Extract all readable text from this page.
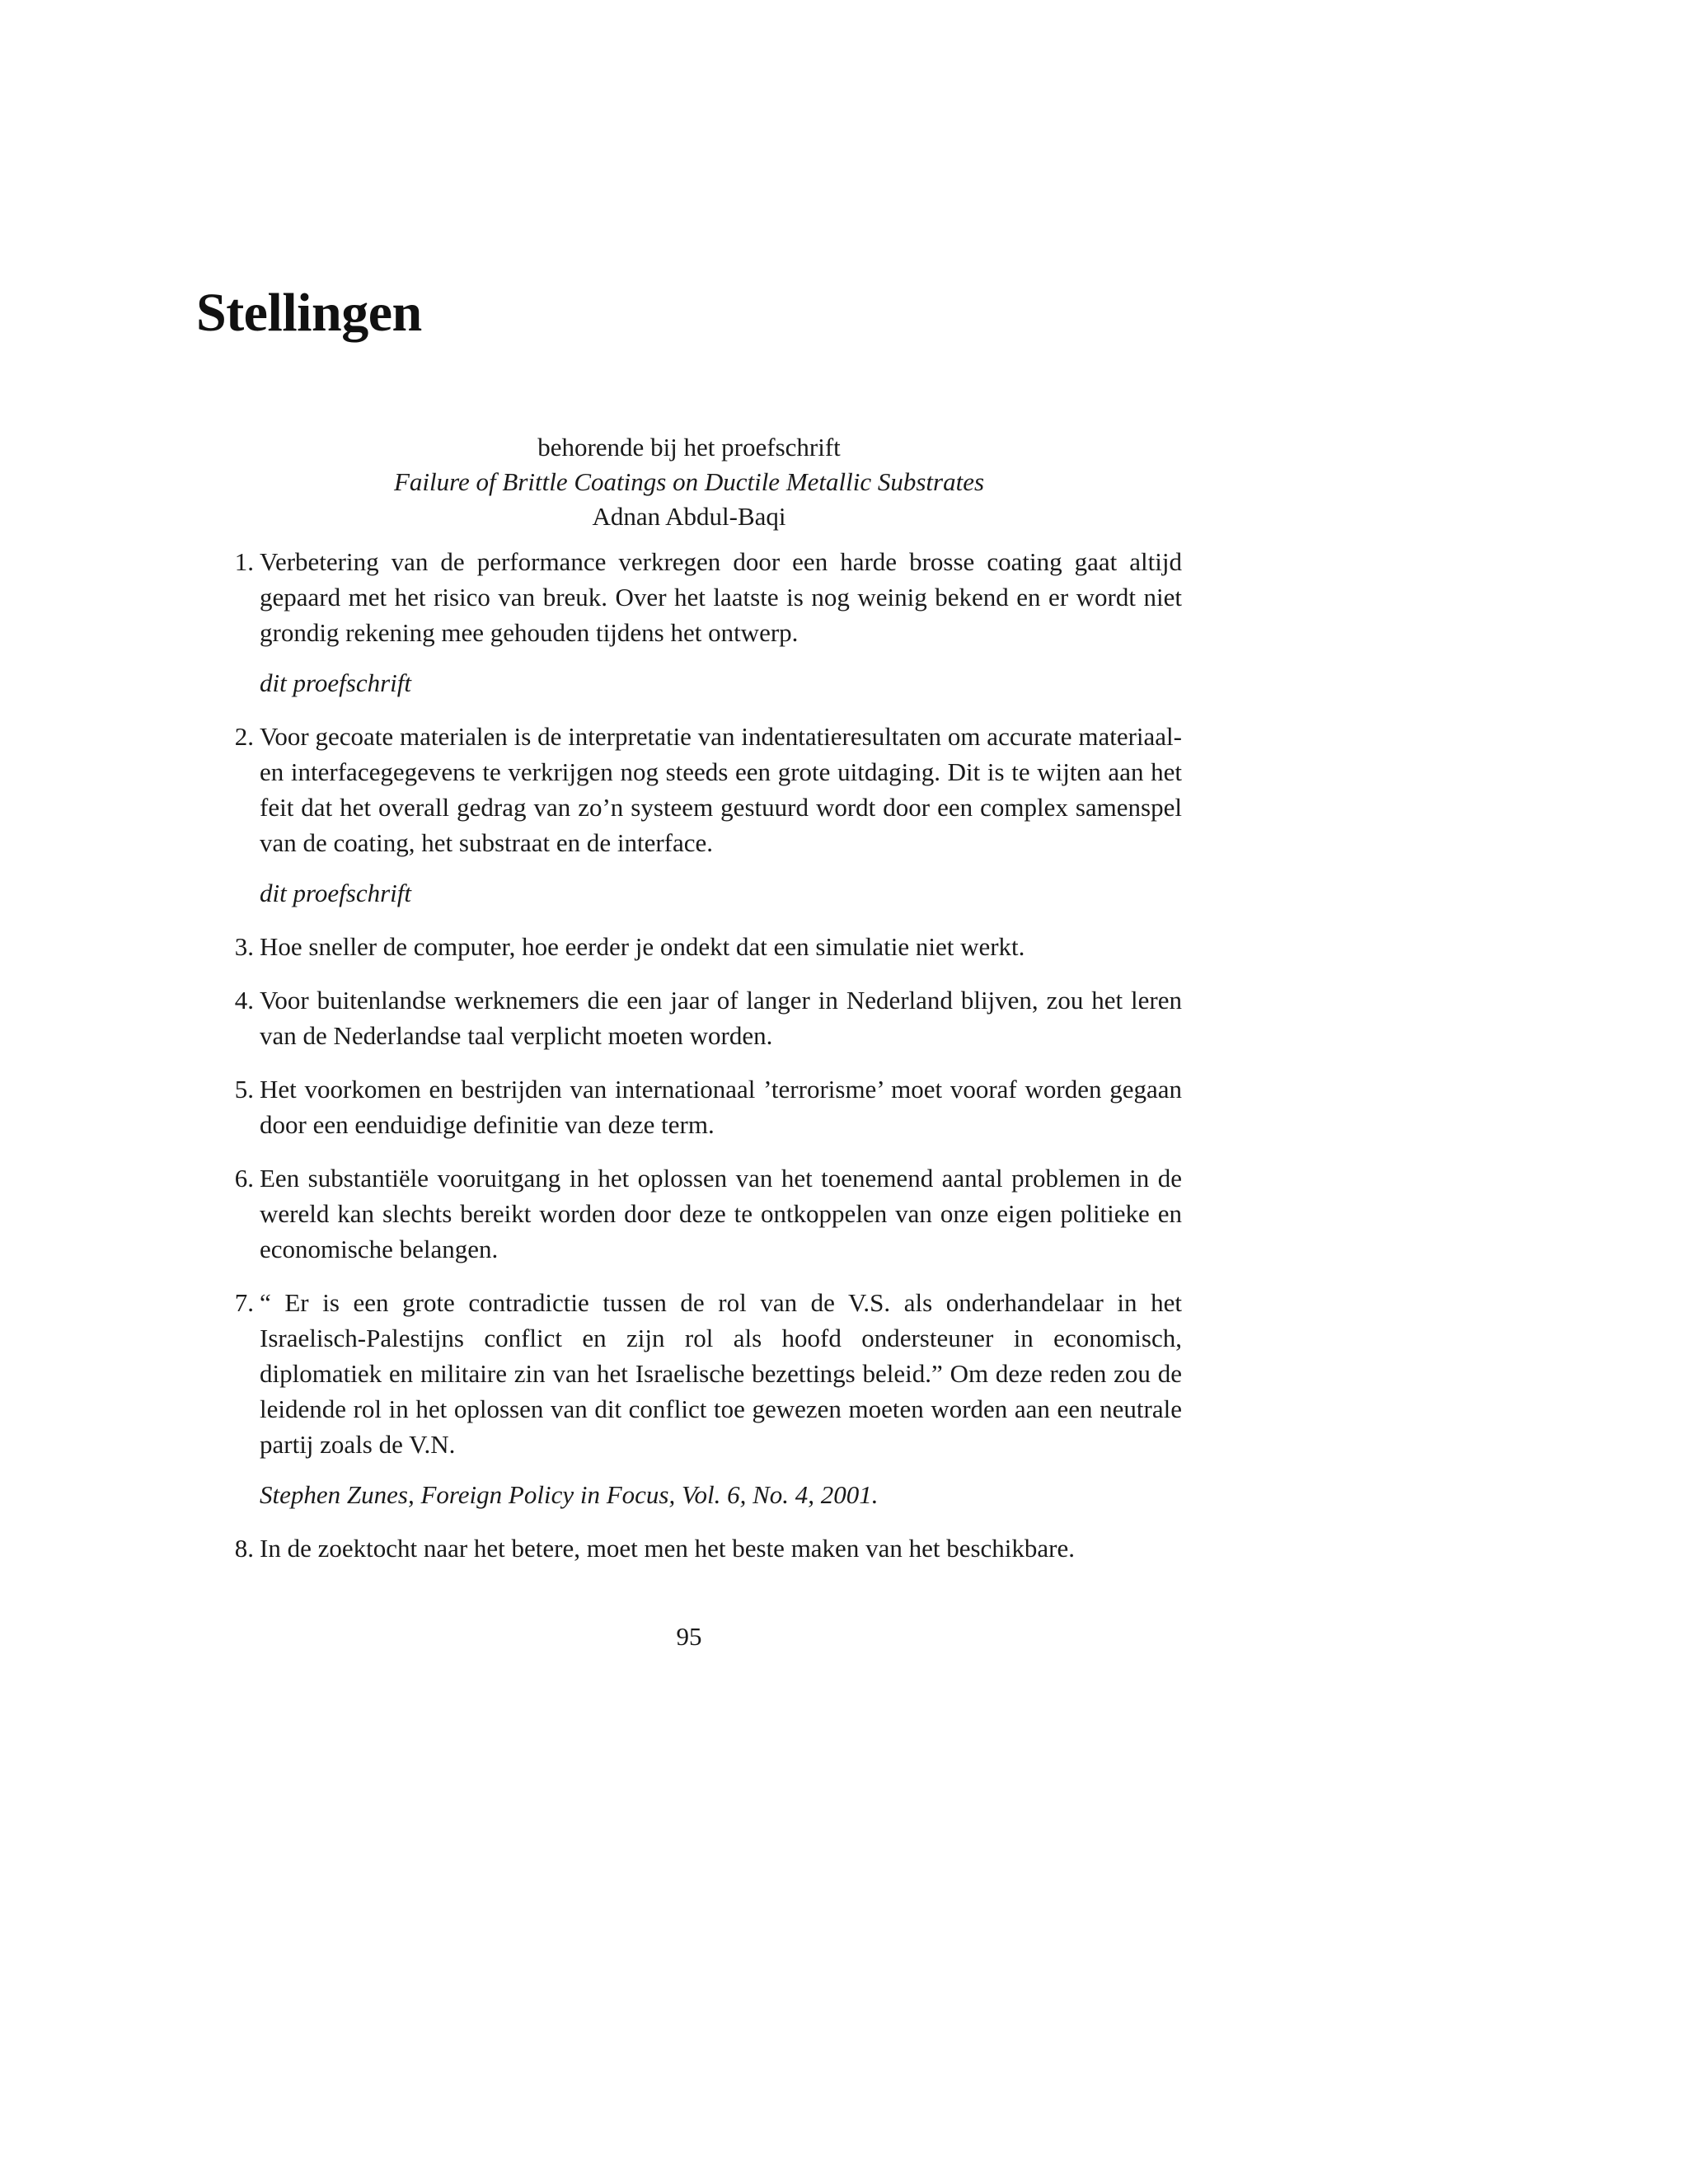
Stellingen
behorende bij het proefschrift
Failure of Brittle Coatings on Ductile Metallic Substrates
Adnan Abdul-Baqi
1. Verbetering van de performance verkregen door een harde brosse coating gaat altijd gepaard met het risico van breuk. Over het laatste is nog weinig bekend en er wordt niet grondig rekening mee gehouden tijdens het ontwerp.
dit proefschrift
2. Voor gecoate materialen is de interpretatie van indentatieresultaten om accurate materiaal- en interfacegegevens te verkrijgen nog steeds een grote uitdaging. Dit is te wijten aan het feit dat het overall gedrag van zo’n systeem gestuurd wordt door een complex samenspel van de coating, het substraat en de interface.
dit proefschrift
3. Hoe sneller de computer, hoe eerder je ondekt dat een simulatie niet werkt.
4. Voor buitenlandse werknemers die een jaar of langer in Nederland blijven, zou het leren van de Nederlandse taal verplicht moeten worden.
5. Het voorkomen en bestrijden van internationaal ’terrorisme’ moet vooraf worden gegaan door een eenduidige definitie van deze term.
6. Een substantiële vooruitgang in het oplossen van het toenemend aantal problemen in de wereld kan slechts bereikt worden door deze te ontkoppelen van onze eigen politieke en economische belangen.
7. “ Er is een grote contradictie tussen de rol van de V.S. als onderhandelaar in het Israelisch-Palestijns conflict en zijn rol als hoofd ondersteuner in economisch, diplomatiek en militaire zin van het Israelische bezettings beleid.” Om deze reden zou de leidende rol in het oplossen van dit conflict toe gewezen moeten worden aan een neutrale partij zoals de V.N.
Stephen Zunes, Foreign Policy in Focus, Vol. 6, No. 4, 2001.
8. In de zoektocht naar het betere, moet men het beste maken van het beschikbare.
95
